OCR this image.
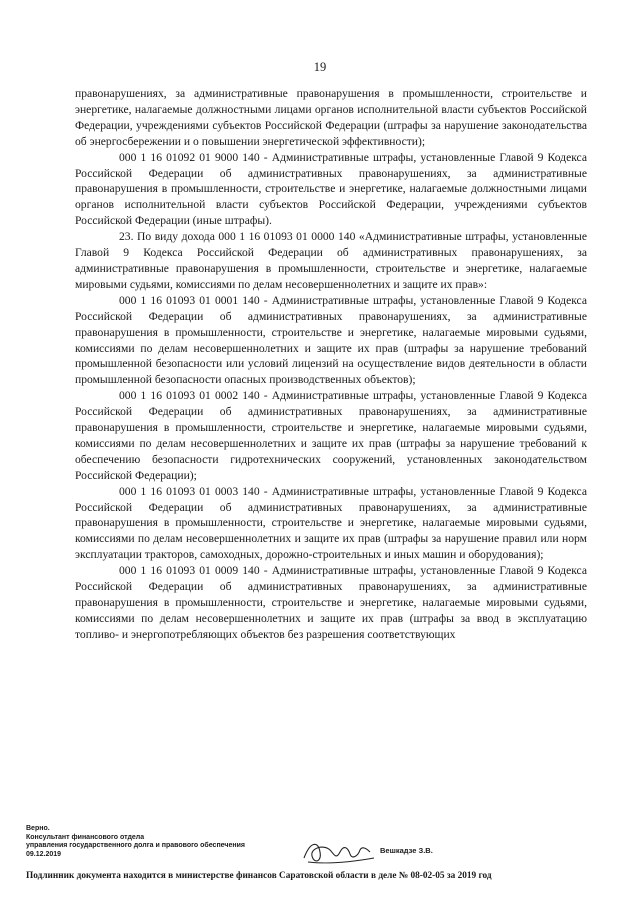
19

правонарушениях, за административные правонарушения в промышленности, строительстве и энергетике, налагаемые должностными лицами органов исполнительной власти субъектов Российской Федерации, учреждениями субъектов Российской Федерации (штрафы за нарушение законодательства об энергосбережении и о повышении энергетической эффективности);

000 1 16 01092 01 9000 140 - Административные штрафы, установленные Главой 9 Кодекса Российской Федерации об административных правонарушениях, за административные правонарушения в промышленности, строительстве и энергетике, налагаемые должностными лицами органов исполнительной власти субъектов Российской Федерации, учреждениями субъектов Российской Федерации (иные штрафы).

23. По виду дохода 000 1 16 01093 01 0000 140 «Административные штрафы, установленные Главой 9 Кодекса Российской Федерации об административных правонарушениях, за административные правонарушения в промышленности, строительстве и энергетике, налагаемые мировыми судьями, комиссиями по делам несовершеннолетних и защите их прав»:

000 1 16 01093 01 0001 140 - Административные штрафы, установленные Главой 9 Кодекса Российской Федерации об административных правонарушениях, за административные правонарушения в промышленности, строительстве и энергетике, налагаемые мировыми судьями, комиссиями по делам несовершеннолетних и защите их прав (штрафы за нарушение требований промышленной безопасности или условий лицензий на осуществление видов деятельности в области промышленной безопасности опасных производственных объектов);

000 1 16 01093 01 0002 140 - Административные штрафы, установленные Главой 9 Кодекса Российской Федерации об административных правонарушениях, за административные правонарушения в промышленности, строительстве и энергетике, налагаемые мировыми судьями, комиссиями по делам несовершеннолетних и защите их прав (штрафы за нарушение требований к обеспечению безопасности гидротехнических сооружений, установленных законодательством Российской Федерации);

000 1 16 01093 01 0003 140 - Административные штрафы, установленные Главой 9 Кодекса Российской Федерации об административных правонарушениях, за административные правонарушения в промышленности, строительстве и энергетике, налагаемые мировыми судьями, комиссиями по делам несовершеннолетних и защите их прав (штрафы за нарушение правил или норм эксплуатации тракторов, самоходных, дорожно-строительных и иных машин и оборудования);

000 1 16 01093 01 0009 140 - Административные штрафы, установленные Главой 9 Кодекса Российской Федерации об административных правонарушениях, за административные правонарушения в промышленности, строительстве и энергетике, налагаемые мировыми судьями, комиссиями по делам несовершеннолетних и защите их прав (штрафы за ввод в эксплуатацию топливо- и энергопотребляющих объектов без разрешения соответствующих

Верно.
Консультант финансового отдела
управления государственного долга и правового обеспечения
09.12.2019	Вешкадзе З.В.
Подлинник документа находится в министерстве финансов Саратовской области в деле № 08-02-05 за 2019 год
